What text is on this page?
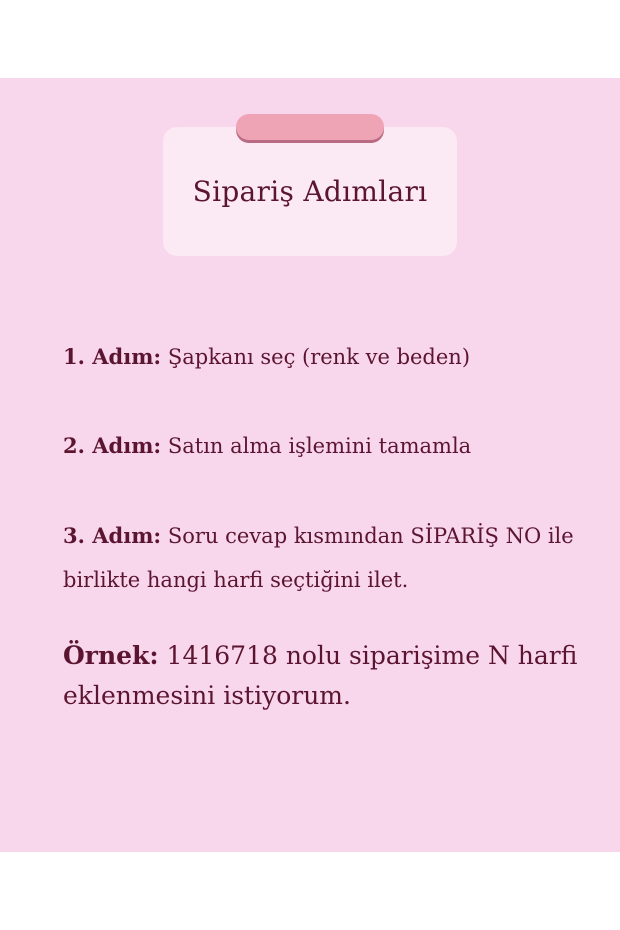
Sipariş Adımları
1. Adım: Şapkanı seç (renk ve beden)
2. Adım: Satın alma işlemini tamamla
3. Adım: Soru cevap kısmından SİPARİŞ NO ile birlikte hangi harfi seçtiğini ilet.
Örnek: 1416718 nolu siparişime N harfi eklenmesini istiyorum.
